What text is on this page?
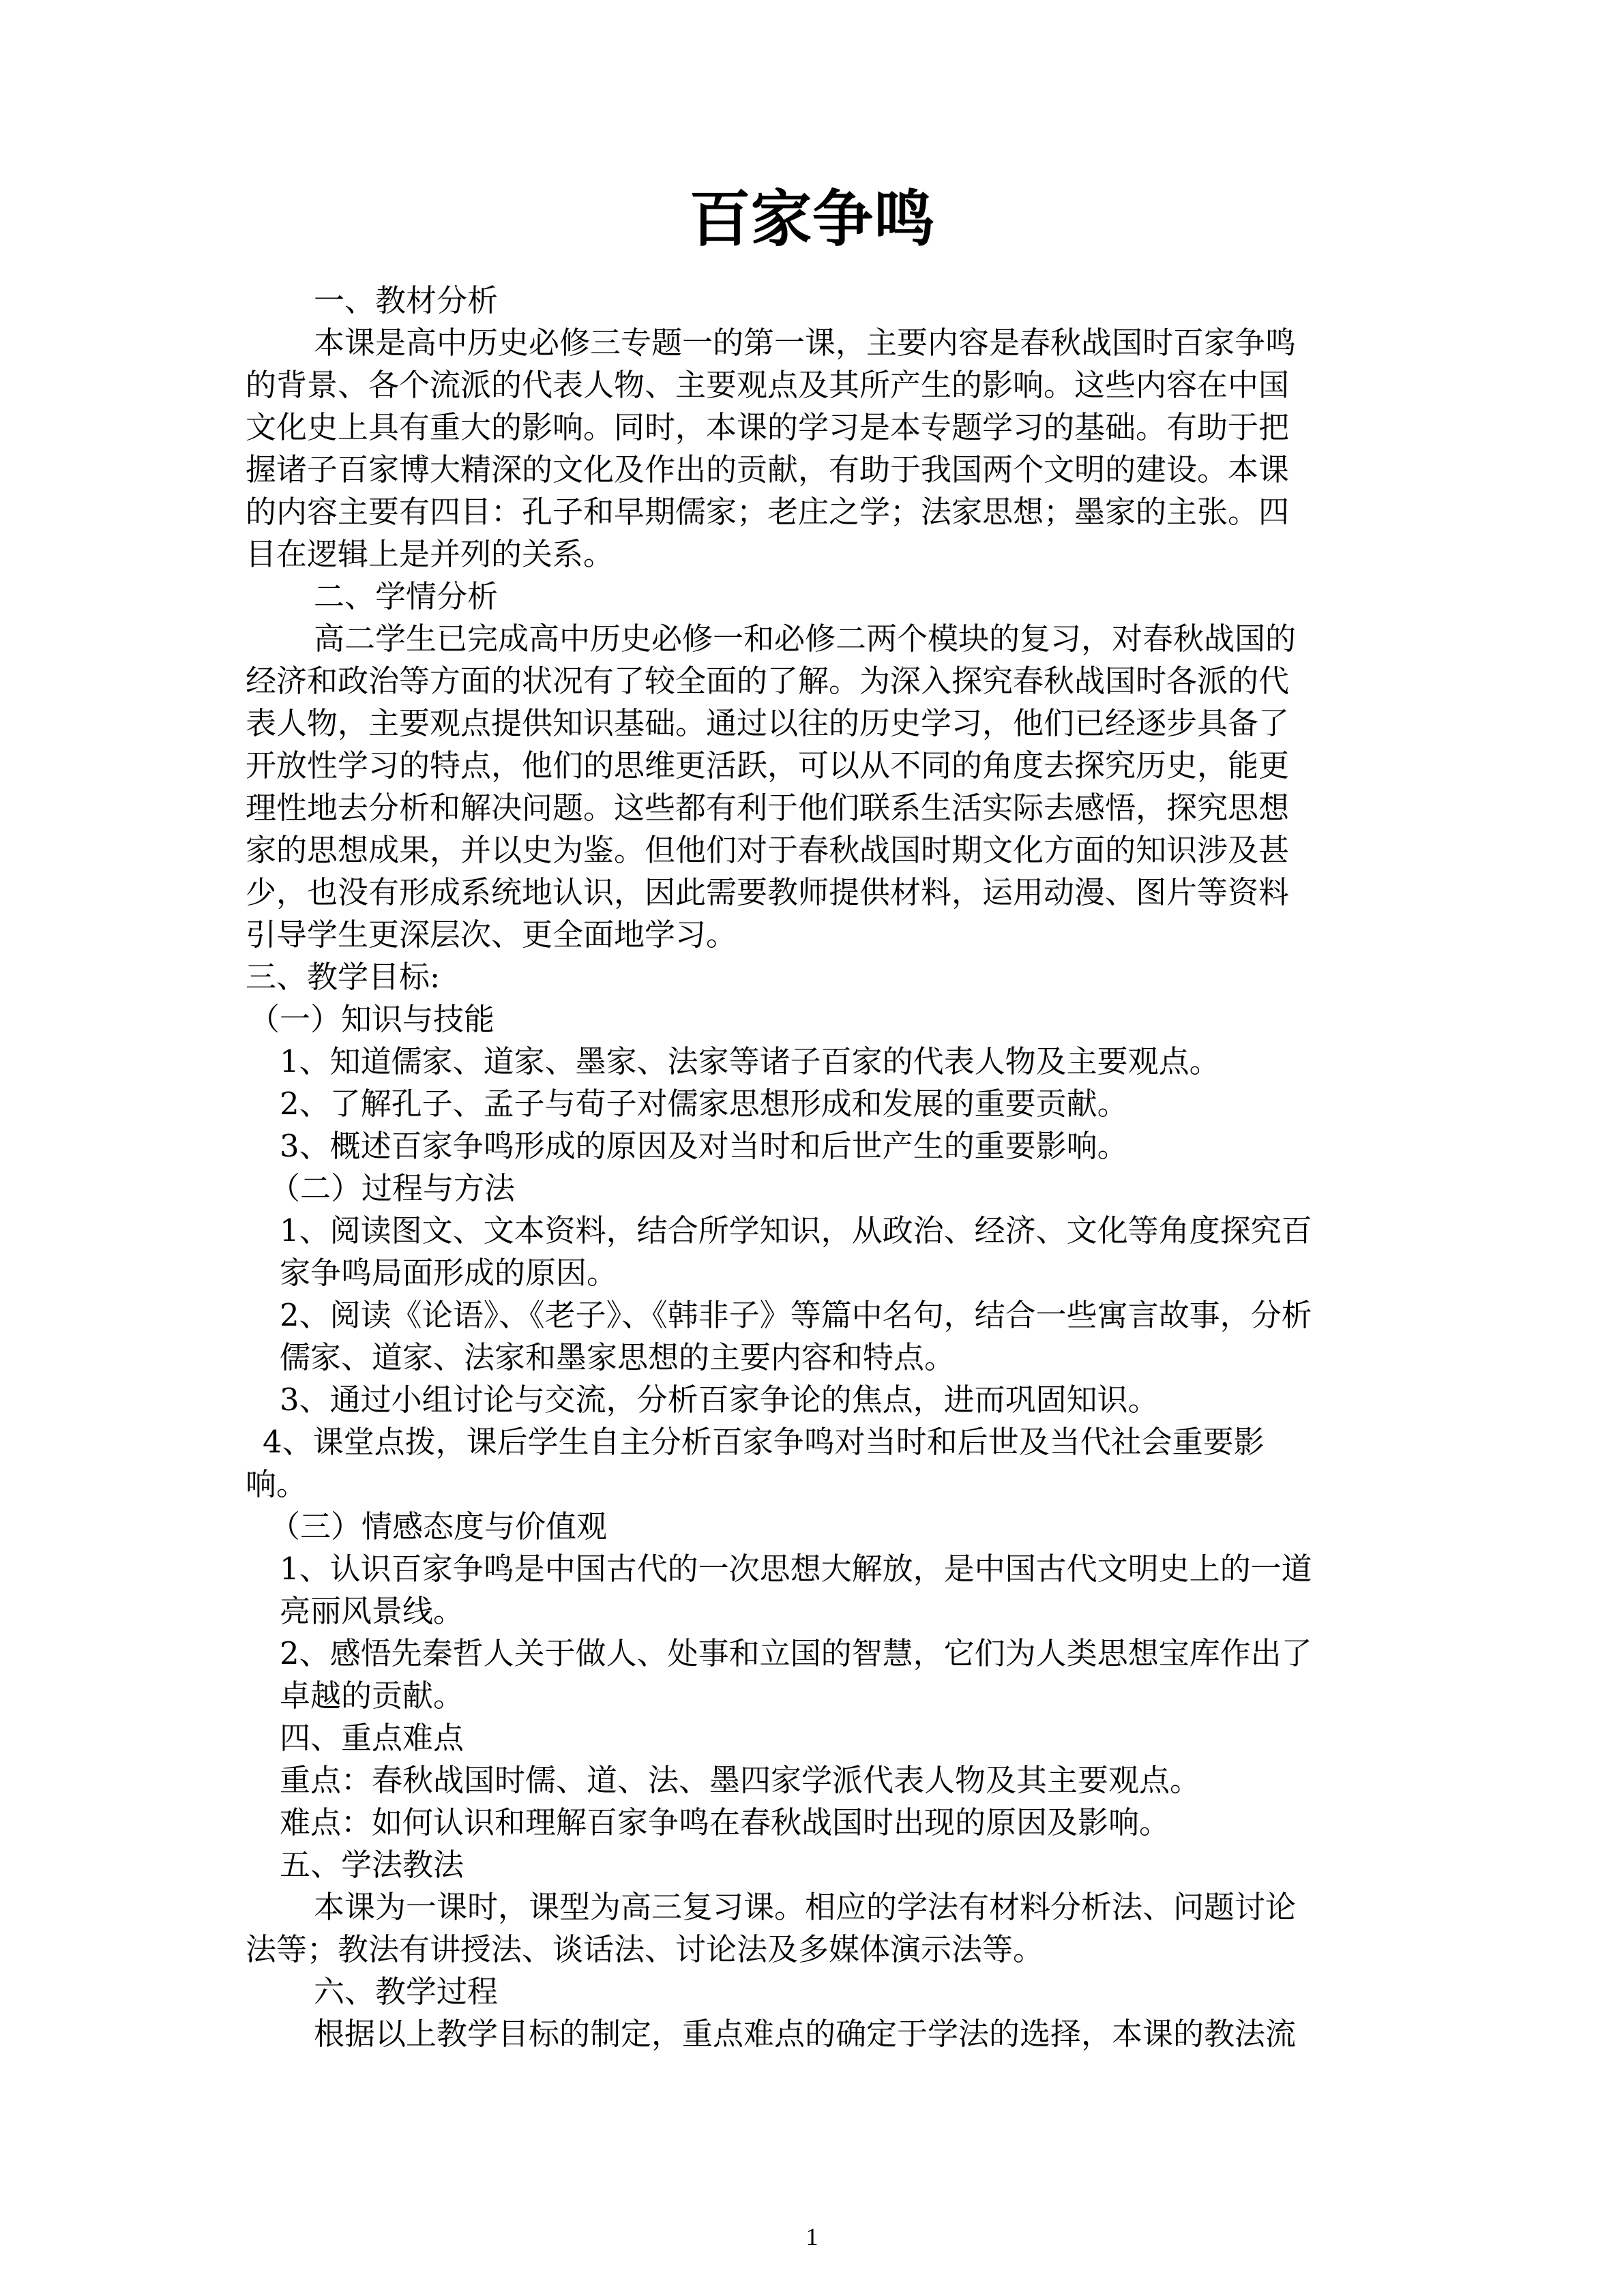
百家争鸣
一、教材分析
本课是高中历史必修三专题一的第一课，主要内容是春秋战国时百家争鸣
的背景、各个流派的代表人物、主要观点及其所产生的影响。这些内容在中国
文化史上具有重大的影响。同时，本课的学习是本专题学习的基础。有助于把
握诸子百家博大精深的文化及作出的贡献，有助于我国两个文明的建设。本课
的内容主要有四目：孔子和早期儒家；老庄之学；法家思想；墨家的主张。四
目在逻辑上是并列的关系。
二、学情分析
高二学生已完成高中历史必修一和必修二两个模块的复习，对春秋战国的
经济和政治等方面的状况有了较全面的了解。为深入探究春秋战国时各派的代
表人物，主要观点提供知识基础。通过以往的历史学习，他们已经逐步具备了
开放性学习的特点，他们的思维更活跃，可以从不同的角度去探究历史，能更
理性地去分析和解决问题。这些都有利于他们联系生活实际去感悟，探究思想
家的思想成果，并以史为鉴。但他们对于春秋战国时期文化方面的知识涉及甚
少，也没有形成系统地认识，因此需要教师提供材料，运用动漫、图片等资料
引导学生更深层次、更全面地学习。
三、教学目标:
（一）知识与技能
1、知道儒家、道家、墨家、法家等诸子百家的代表人物及主要观点。
2、了解孔子、孟子与荀子对儒家思想形成和发展的重要贡献。
3、概述百家争鸣形成的原因及对当时和后世产生的重要影响。
（二）过程与方法
1、阅读图文、文本资料，结合所学知识，从政治、经济、文化等角度探究百
家争鸣局面形成的原因。
2、阅读《论语》、《老子》、《韩非子》等篇中名句，结合一些寓言故事，分析
儒家、道家、法家和墨家思想的主要内容和特点。
3、通过小组讨论与交流，分析百家争论的焦点，进而巩固知识。
4、课堂点拨，课后学生自主分析百家争鸣对当时和后世及当代社会重要影
响。
（三）情感态度与价值观
1、认识百家争鸣是中国古代的一次思想大解放，是中国古代文明史上的一道
亮丽风景线。
2、感悟先秦哲人关于做人、处事和立国的智慧，它们为人类思想宝库作出了
卓越的贡献。
四、重点难点
重点：春秋战国时儒、道、法、墨四家学派代表人物及其主要观点。
难点：如何认识和理解百家争鸣在春秋战国时出现的原因及影响。
五、学法教法
本课为一课时，课型为高三复习课。相应的学法有材料分析法、问题讨论
法等；教法有讲授法、谈话法、讨论法及多媒体演示法等。
六、教学过程
根据以上教学目标的制定，重点难点的确定于学法的选择，本课的教法流
1
